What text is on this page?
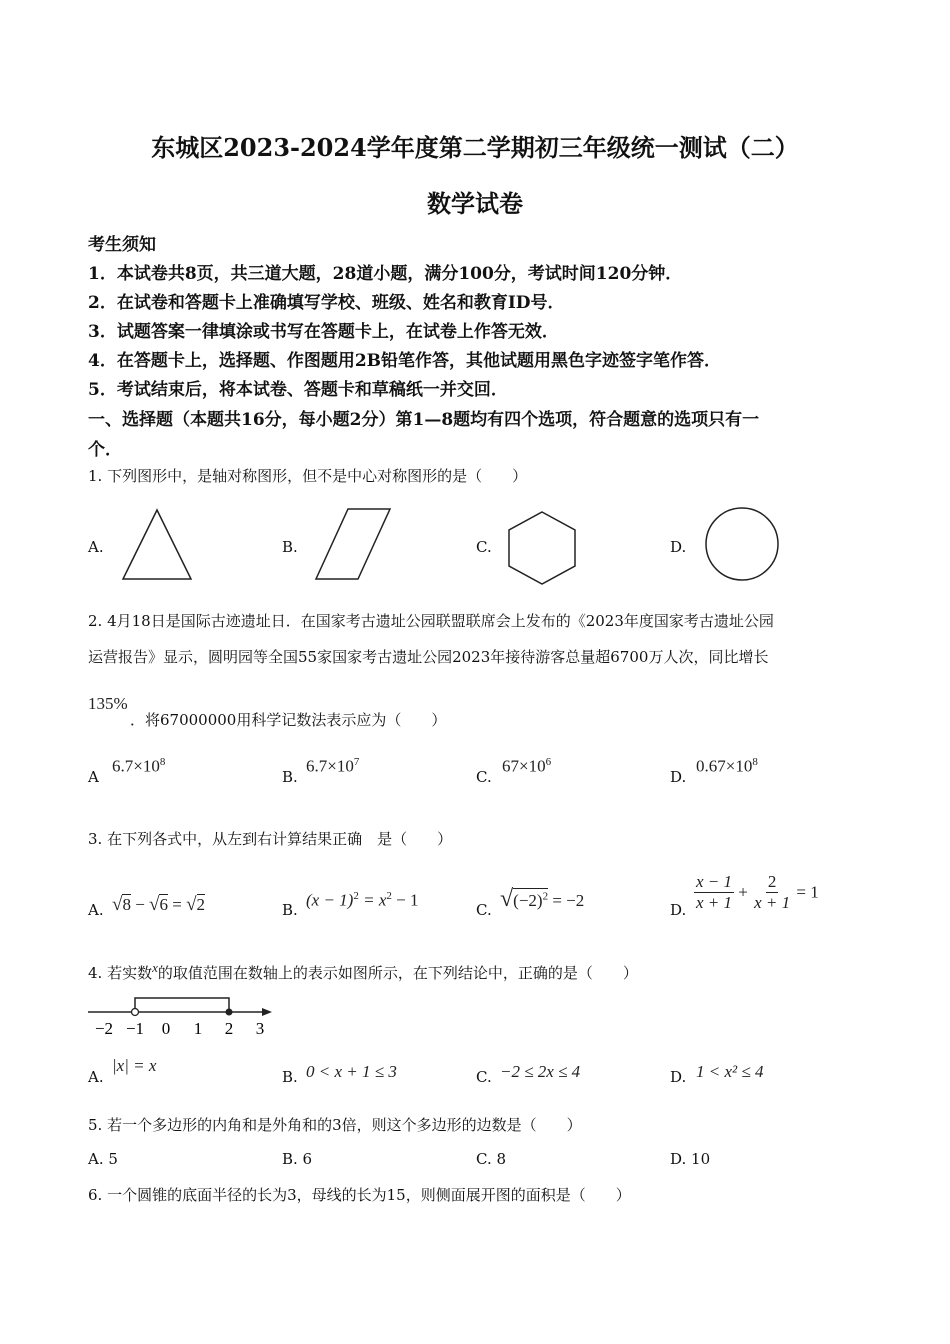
东城区2023-2024学年度第二学期初三年级统一测试（二）
数学试卷
考生须知
1．本试卷共8页，共三道大题，28道小题，满分100分，考试时间120分钟．
2．在试卷和答题卡上准确填写学校、班级、姓名和教育ID号．
3．试题答案一律填涂或书写在答题卡上，在试卷上作答无效．
4．在答题卡上，选择题、作图题用2B铅笔作答，其他试题用黑色字迹签字笔作答．
5．考试结束后，将本试卷、答题卡和草稿纸一并交回．
一、选择题（本题共16分，每小题2分）第1—8题均有四个选项，符合题意的选项只有一
个．
1. 下列图形中，是轴对称图形，但不是中心对称图形的是（　　）
A.	B.	C.	D.
2. 4月18日是国际古迹遗址日．在国家考古遗址公园联盟联席会上发布的《2023年度国家考古遗址公园
运营报告》显示，圆明园等全国55家国家考古遗址公园2023年接待游客总量超6700万人次，同比增长
135%
．将67000000用科学记数法表示应为（　　）
A
$6.7\times 10^8$
B.
$6.7\times 10^7$
C.
$67\times 10^6$
D.
$0.67\times 10^8$
3. 在下列各式中，从左到右计算结果正确　是（　　）
A. √8 − √6 = √2	B.
$(x - 1)^2 = x^2 - 1$
C. $√(-2)^2 = -2$	D. $\frac{x - 1}{x + 1} + \frac{2}{x + 1} = 1$
4. 若实数$^x$的取值范围在数轴上的表示如图所示，在下列结论中，正确的是（　　）
−2 −1 0 1 2 3
A.
|x| = x
B. 0 < x + 1 ≤ 3	C. −2 ≤ 2x ≤ 4	D. 1 < x² ≤ 4
5. 若一个多边形的内角和是外角和的3倍，则这个多边形的边数是（　　）
A. 5	B. 6	C. 8	D. 10
6. 一个圆锥的底面半径的长为3，母线的长为15，则侧面展开图的面积是（　　）
